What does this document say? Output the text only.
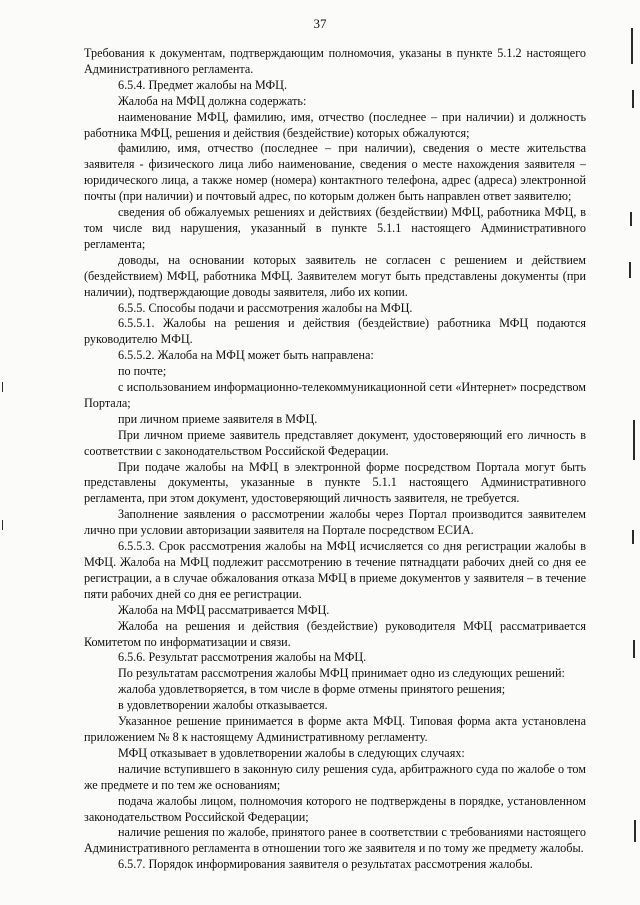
37

Требования к документам, подтверждающим полномочия, указаны в пункте 5.1.2 настоящего Административного регламента.

6.5.4. Предмет жалобы на МФЦ.

Жалоба на МФЦ должна содержать:

наименование МФЦ, фамилию, имя, отчество (последнее – при наличии) и должность работника МФЦ, решения и действия (бездействие) которых обжалуются;

фамилию, имя, отчество (последнее – при наличии), сведения о месте жительства заявителя - физического лица либо наименование, сведения о месте нахождения заявителя – юридического лица, а также номер (номера) контактного телефона, адрес (адреса) электронной почты (при наличии) и почтовый адрес, по которым должен быть направлен ответ заявителю;

сведения об обжалуемых решениях и действиях (бездействии) МФЦ, работника МФЦ, в том числе вид нарушения, указанный в пункте 5.1.1 настоящего Административного регламента;

доводы, на основании которых заявитель не согласен с решением и действием (бездействием) МФЦ, работника МФЦ. Заявителем могут быть представлены документы (при наличии), подтверждающие доводы заявителя, либо их копии.

6.5.5. Способы подачи и рассмотрения жалобы на МФЦ.

6.5.5.1. Жалобы на решения и действия (бездействие) работника МФЦ подаются руководителю МФЦ.

6.5.5.2. Жалоба на МФЦ может быть направлена:

по почте;

с использованием информационно-телекоммуникационной сети «Интернет» посредством Портала;

при личном приеме заявителя в МФЦ.

При личном приеме заявитель представляет документ, удостоверяющий его личность в соответствии с законодательством Российской Федерации.

При подаче жалобы на МФЦ в электронной форме посредством Портала могут быть представлены документы, указанные в пункте 5.1.1 настоящего Административного регламента, при этом документ, удостоверяющий личность заявителя, не требуется.

Заполнение заявления о рассмотрении жалобы через Портал производится заявителем лично при условии авторизации заявителя на Портале посредством ЕСИА.

6.5.5.3. Срок рассмотрения жалобы на МФЦ исчисляется со дня регистрации жалобы в МФЦ. Жалоба на МФЦ подлежит рассмотрению в течение пятнадцати рабочих дней со дня ее регистрации, а в случае обжалования отказа МФЦ в приеме документов у заявителя – в течение пяти рабочих дней со дня ее регистрации.

Жалоба на МФЦ рассматривается МФЦ.

Жалоба на решения и действия (бездействие) руководителя МФЦ рассматривается Комитетом по информатизации и связи.

6.5.6. Результат рассмотрения жалобы на МФЦ.

По результатам рассмотрения жалобы МФЦ принимает одно из следующих решений:

жалоба удовлетворяется, в том числе в форме отмены принятого решения;

в удовлетворении жалобы отказывается.

Указанное решение принимается в форме акта МФЦ. Типовая форма акта установлена приложением № 8 к настоящему Административному регламенту.

МФЦ отказывает в удовлетворении жалобы в следующих случаях:

наличие вступившего в законную силу решения суда, арбитражного суда по жалобе о том же предмете и по тем же основаниям;

подача жалобы лицом, полномочия которого не подтверждены в порядке, установленном законодательством Российской Федерации;

наличие решения по жалобе, принятого ранее в соответствии с требованиями настоящего Административного регламента в отношении того же заявителя и по тому же предмету жалобы.

6.5.7. Порядок информирования заявителя о результатах рассмотрения жалобы.
